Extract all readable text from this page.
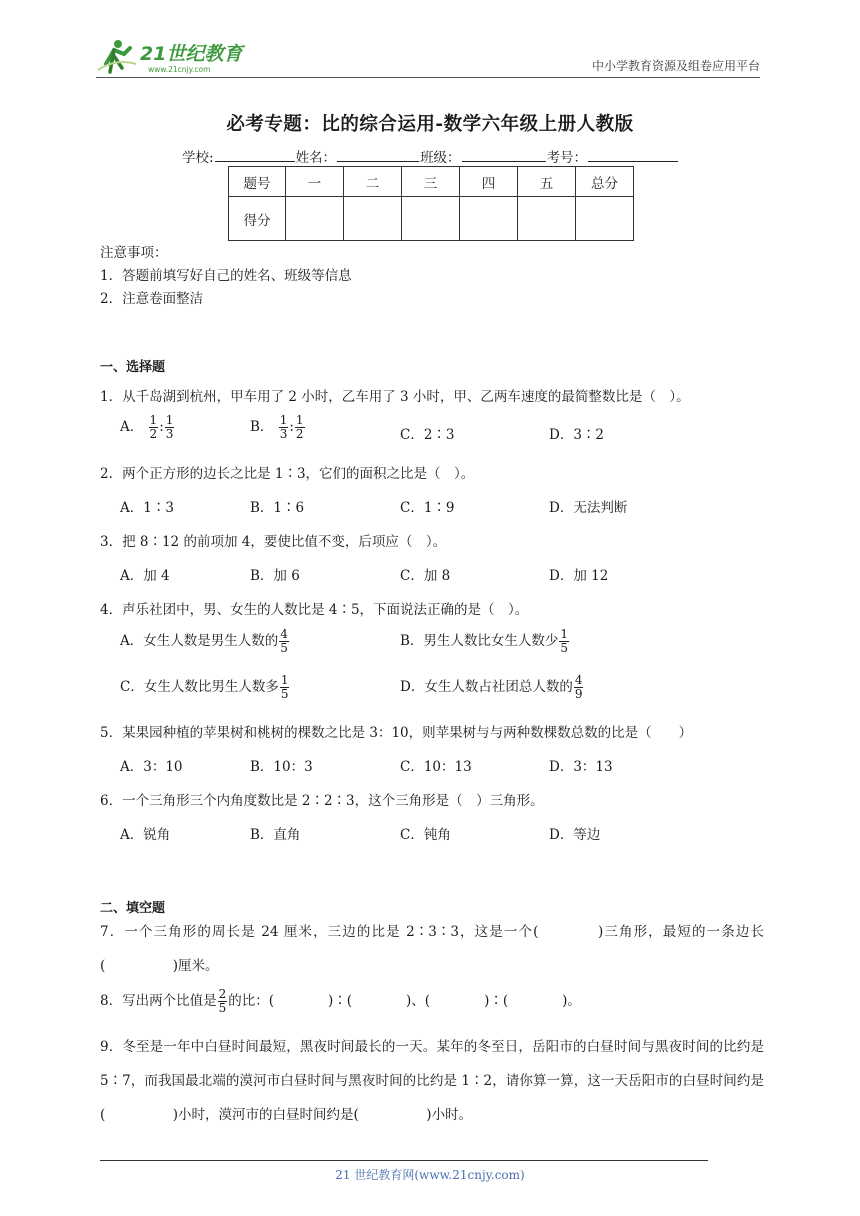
21世纪教育
www.21cnjy.com	中小学教育资源及组卷应用平台
必考专题：比的综合运用-数学六年级上册人教版
学校:	姓名：	班级：	考号：
题号	一	二	三	四	五	总分
得分						
注意事项：
1．答题前填写好自己的姓名、班级等信息
2．注意卷面整洁
一、选择题
1．从千岛湖到杭州，甲车用了 2 小时，乙车用了 3 小时，甲、乙两车速度的最简整数比是（　）。
A． $\frac{1}{2}$ : $\frac{1}{3}$	B． $\frac{1}{3}$ : $\frac{1}{2}$	C．2∶3	D．3∶2
2．两个正方形的边长之比是 1∶3，它们的面积之比是（　）。
A．1∶3	B．1∶6	C．1∶9	D．无法判断
3．把 8∶12 的前项加 4，要使比值不变，后项应（　）。
A．加 4	B．加 6	C．加 8	D．加 12
4．声乐社团中，男、女生的人数比是 4∶5，下面说法正确的是（　）。
A．女生人数是男生人数的 $\frac{4}{5}$	B．男生人数比女生人数少 $\frac{1}{5}$
C．女生人数比男生人数多 $\frac{1}{5}$	D．女生人数占社团总人数的 $\frac{4}{9}$
5．某果园种植的苹果树和桃树的棵数之比是 3：10，则苹果树与与两种数棵数总数的比是（　　）
A．3：10	B．10：3	C．10：13	D．3：13
6．一个三角形三个内角度数比是 2∶2∶3，这个三角形是（　）三角形。
A．锐角	B．直角	C．钝角	D．等边
二、填空题
7．一个三角形的周长是 24 厘米，三边的比是 2∶3∶3，这是一个(　　　　)三角形，最短的一条边长(　　　　　)厘米。
8．写出两个比值是 $\frac{2}{5}$ 的比：(　　　　)∶(　　　　)、(　　　　)∶(　　　　)。
9．冬至是一年中白昼时间最短，黑夜时间最长的一天。某年的冬至日，岳阳市的白昼时间与黑夜时间的比约是 5∶7，而我国最北端的漠河市白昼时间与黑夜时间的比约是 1∶2，请你算一算，这一天岳阳市的白昼时间约是(　　　　　)小时，漠河市的白昼时间约是(　　　　　)小时。
21 世纪教育网(www.21cnjy.com)
